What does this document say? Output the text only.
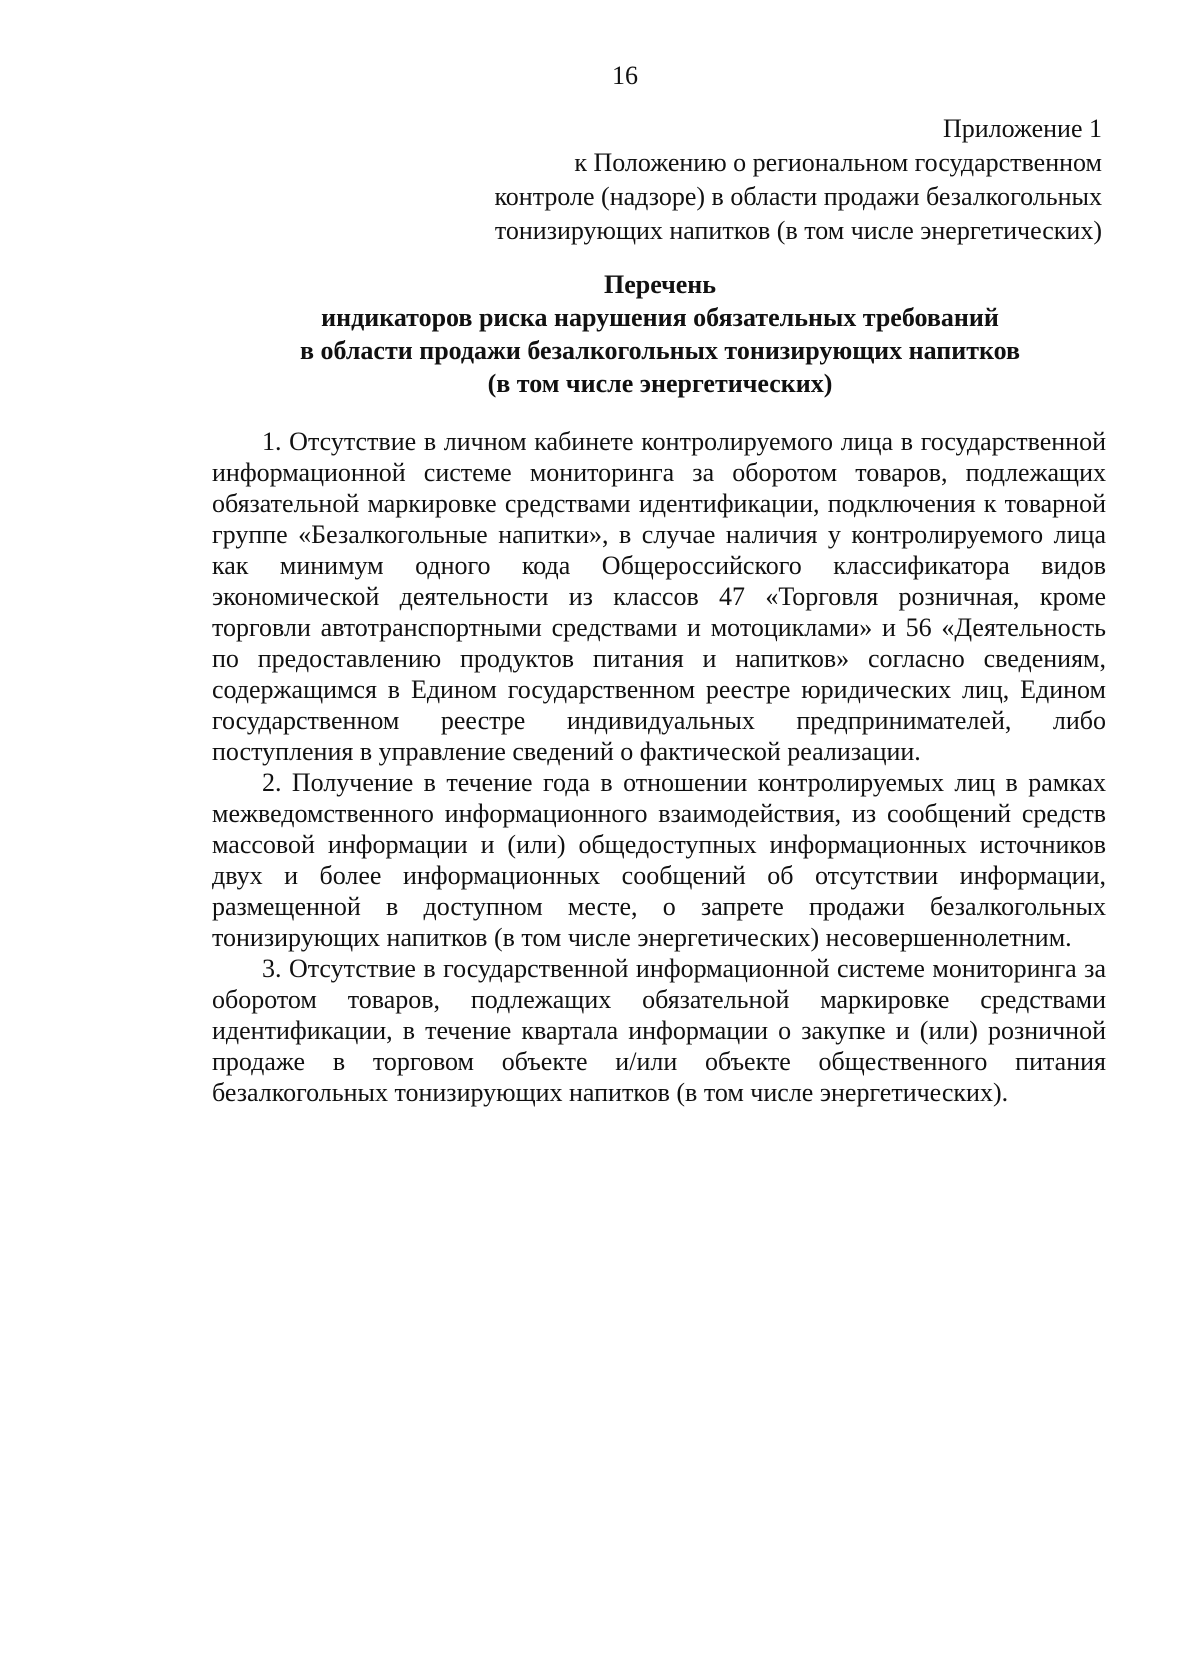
16
Приложение 1
к Положению о региональном государственном
контроле (надзоре) в области продажи безалкогольных
тонизирующих напитков (в том числе энергетических)
Перечень
индикаторов риска нарушения обязательных требований
в области продажи безалкогольных тонизирующих напитков
(в том числе энергетических)

1. Отсутствие в личном кабинете контролируемого лица в государственной информационной системе мониторинга за оборотом товаров, подлежащих обязательной маркировке средствами идентификации, подключения к товарной группе «Безалкогольные напитки», в случае наличия у контролируемого лица как минимум одного кода Общероссийского классификатора видов экономической деятельности из классов 47 «Торговля розничная, кроме торговли автотранспортными средствами и мотоциклами» и 56 «Деятельность по предоставлению продуктов питания и напитков» согласно сведениям, содержащимся в Едином государственном реестре юридических лиц, Едином государственном реестре индивидуальных предпринимателей, либо поступления в управление сведений о фактической реализации.

2. Получение в течение года в отношении контролируемых лиц в рамках межведомственного информационного взаимодействия, из сообщений средств массовой информации и (или) общедоступных информационных источников двух и более информационных сообщений об отсутствии информации, размещенной в доступном месте, о запрете продажи безалкогольных тонизирующих напитков (в том числе энергетических) несовершеннолетним.

3. Отсутствие в государственной информационной системе мониторинга за оборотом товаров, подлежащих обязательной маркировке средствами идентификации, в течение квартала информации о закупке и (или) розничной продаже в торговом объекте и/или объекте общественного питания безалкогольных тонизирующих напитков (в том числе энергетических).
